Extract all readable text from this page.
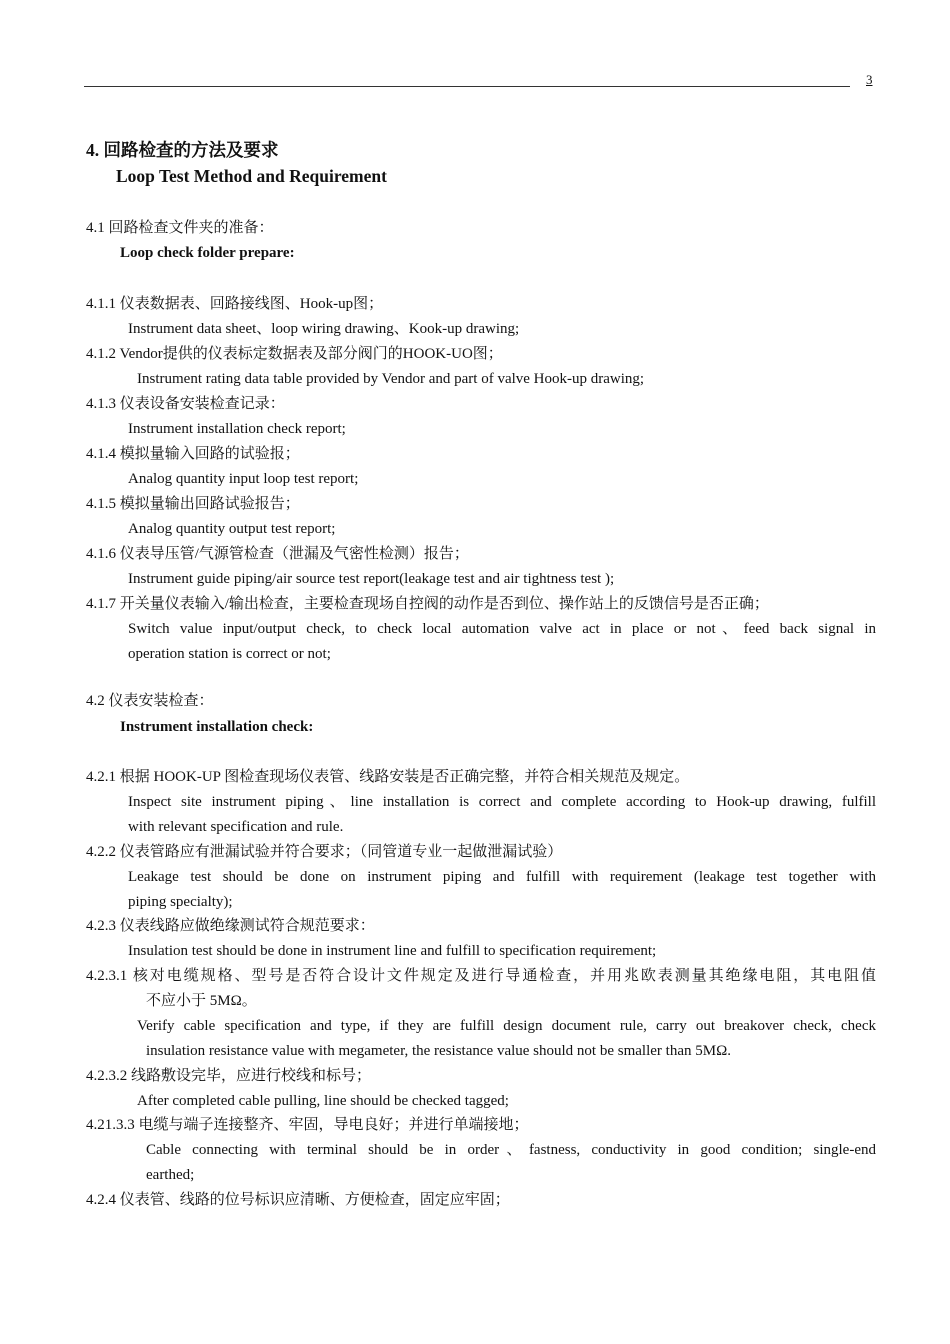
3
4. 回路检查的方法及要求
Loop Test Method and Requirement
4.1 回路检查文件夹的准备：
Loop check folder prepare:
4.1.1 仪表数据表、回路接线图、Hook-up图；
Instrument data sheet、loop wiring drawing、Kook-up drawing;
4.1.2 Vendor提供的仪表标定数据表及部分阀门的HOOK-UO图；
Instrument rating data table provided by Vendor and part of valve Hook-up drawing;
4.1.3 仪表设备安装检查记录：
Instrument installation check report;
4.1.4 模拟量输入回路的试验报；
Analog quantity input loop test report;
4.1.5 模拟量输出回路试验报告；
Analog quantity output test report;
4.1.6 仪表导压管/气源管检查（泄漏及气密性检测）报告；
Instrument guide piping/air source test report(leakage test and air tightness test );
4.1.7 开关量仪表输入/输出检查，主要检查现场自控阀的动作是否到位、操作站上的反馈信号是否正确；
Switch value input/output check, to check local automation valve act in place or not、feed back signal in
operation station is correct or not;
4.2 仪表安装检查：
Instrument installation check:
4.2.1 根据 HOOK-UP 图检查现场仪表管、线路安装是否正确完整，并符合相关规范及规定。
Inspect site instrument piping、line installation is correct and complete according to Hook-up drawing, fulfill
with relevant specification and rule.
4.2.2 仪表管路应有泄漏试验并符合要求；（同管道专业一起做泄漏试验）
Leakage test should be done on instrument piping and fulfill with requirement (leakage test together with
piping specialty);
4.2.3 仪表线路应做绝缘测试符合规范要求：
Insulation test should be done in instrument line and fulfill to specification requirement;
4.2.3.1 核对电缆规格、型号是否符合设计文件规定及进行导通检查，并用兆欧表测量其绝缘电阻，其电阻值
不应小于 5MΩ。
Verify cable specification and type, if they are fulfill design document rule, carry out breakover check, check
insulation resistance value with megameter, the resistance value should not be smaller than 5MΩ.
4.2.3.2 线路敷设完毕，应进行校线和标号；
After completed cable pulling, line should be checked tagged;
4.21.3.3 电缆与端子连接整齐、牢固，导电良好；并进行单端接地；
Cable connecting with terminal should be in order、fastness, conductivity in good condition; single-end
earthed;
4.2.4 仪表管、线路的位号标识应清晰、方便检查，固定应牢固；
